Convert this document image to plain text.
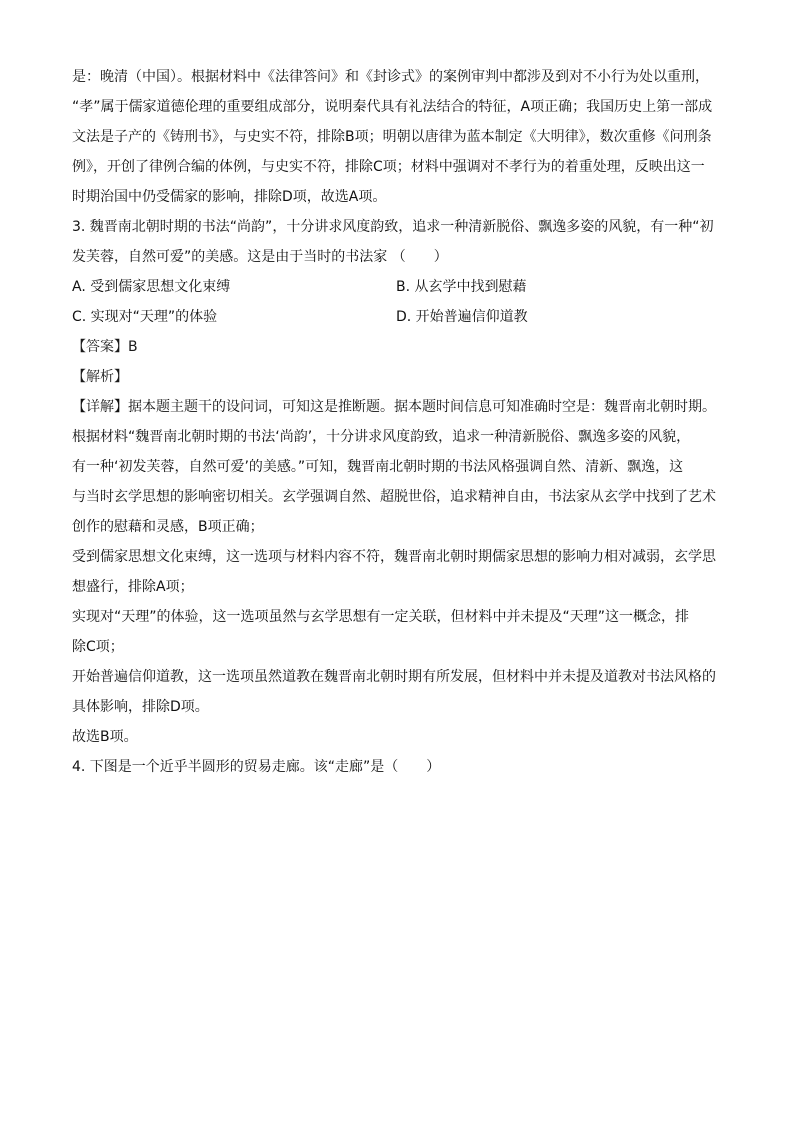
是：晚清（中国）。根据材料中《法律答问》和《封诊式》的案例审判中都涉及到对不小行为处以重刑，
“孝”属于儒家道德伦理的重要组成部分，说明秦代具有礼法结合的特征，A项正确；我国历史上第一部成
文法是子产的《铸刑书》，与史实不符，排除B项；明朝以唐律为蓝本制定《大明律》，数次重修《问刑条
例》，开创了律例合编的体例，与史实不符，排除C项；材料中强调对不孝行为的着重处理，反映出这一
时期治国中仍受儒家的影响，排除D项，故选A项。
3. 魏晋南北朝时期的书法“尚韵”，十分讲求风度韵致，追求一种清新脱俗、飘逸多姿的风貌，有一种“初
发芙蓉，自然可爱”的美感。这是由于当时的书法家 （　　）
A. 受到儒家思想文化束缚	B. 从玄学中找到慰藉
C. 实现对“天理”的体验	D. 开始普遍信仰道教
【答案】B
【解析】
【详解】据本题主题干的设问词，可知这是推断题。据本题时间信息可知准确时空是：魏晋南北朝时期。
根据材料“魏晋南北朝时期的书法‘尚韵’，十分讲求风度韵致，追求一种清新脱俗、飘逸多姿的风貌，
有一种‘初发芙蓉，自然可爱’的美感。”可知，魏晋南北朝时期的书法风格强调自然、清新、飘逸，这
与当时玄学思想的影响密切相关。玄学强调自然、超脱世俗，追求精神自由，书法家从玄学中找到了艺术
创作的慰藉和灵感，B项正确；
受到儒家思想文化束缚，这一选项与材料内容不符，魏晋南北朝时期儒家思想的影响力相对减弱，玄学思
想盛行，排除A项；
实现对“天理”的体验，这一选项虽然与玄学思想有一定关联，但材料中并未提及“天理”这一概念，排
除C项；
开始普遍信仰道教，这一选项虽然道教在魏晋南北朝时期有所发展，但材料中并未提及道教对书法风格的
具体影响，排除D项。
故选B项。
4. 下图是一个近乎半圆形的贸易走廊。该“走廊”是（　　）
